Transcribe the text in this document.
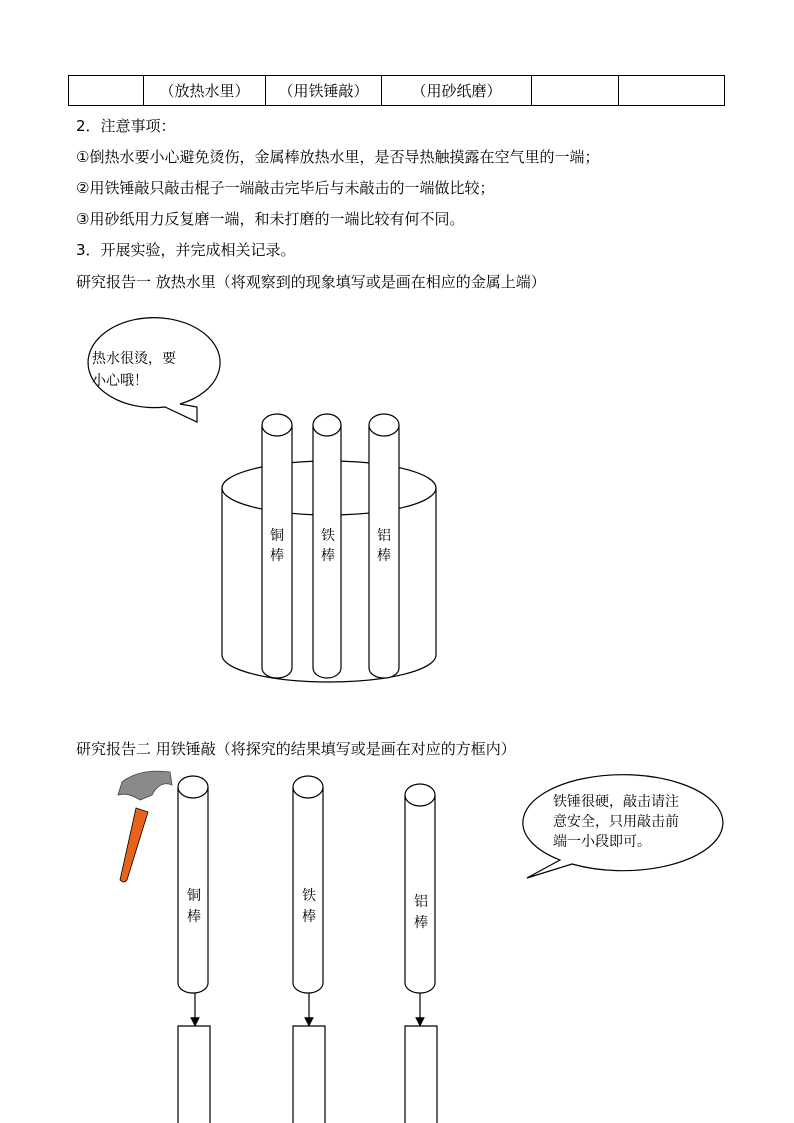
	（放热水里）	（用铁锤敲）	（用砂纸磨）		
2．注意事项：
①倒热水要小心避免烫伤，金属棒放热水里，是否导热触摸露在空气里的一端；
②用铁锤敲只敲击棍子一端敲击完毕后与未敲击的一端做比较；
③用砂纸用力反复磨一端，和未打磨的一端比较有何不同。
3．开展实验，并完成相关记录。
研究报告一 放热水里（将观察到的现象填写或是画在相应的金属上端）
研究报告二 用铁锤敲（将探究的结果填写或是画在对应的方框内）
热水很烫，要
小心哦！
铜
棒
铁
棒
铝
棒
铜
棒
铁
棒
铝
棒
铁锤很硬，敲击请注
意安全，只用敲击前
端一小段即可。
